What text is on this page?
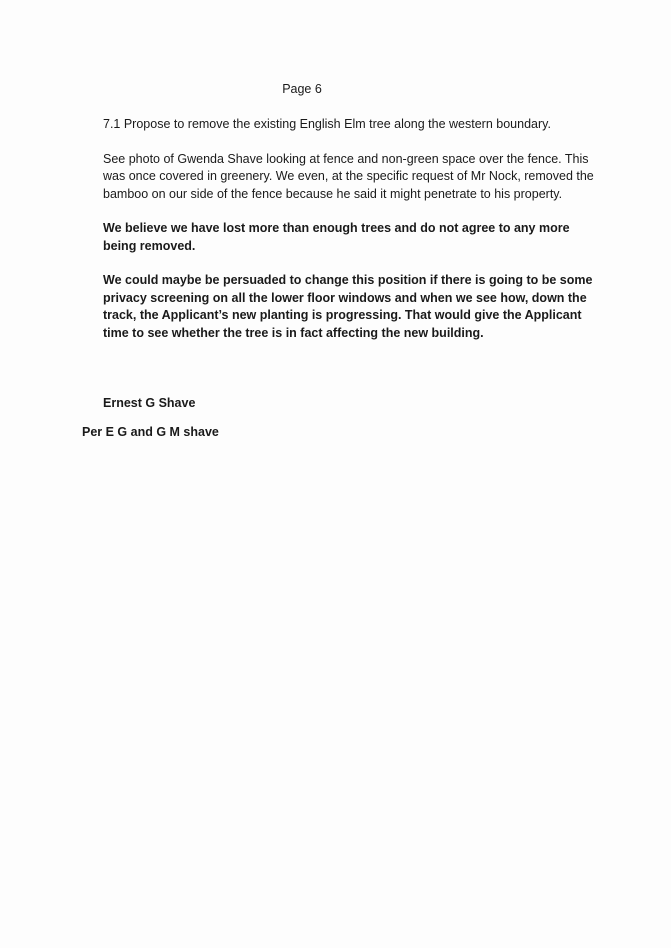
Page 6

7.1 Propose to remove the existing English Elm tree along the western boundary.

See photo of Gwenda Shave looking at fence and non-green space over the fence. This was once covered in greenery. We even, at the specific request of Mr Nock, removed the bamboo on our side of the fence because he said it might penetrate to his property.

We believe we have lost more than enough trees and do not agree to any more being removed.

We could maybe be persuaded to change this position if there is going to be some privacy screening on all the lower floor windows and when we see how, down the track, the Applicant’s new planting is progressing. That would give the Applicant time to see whether the tree is in fact affecting the new building.

Ernest G Shave
Per E G and G M shave
